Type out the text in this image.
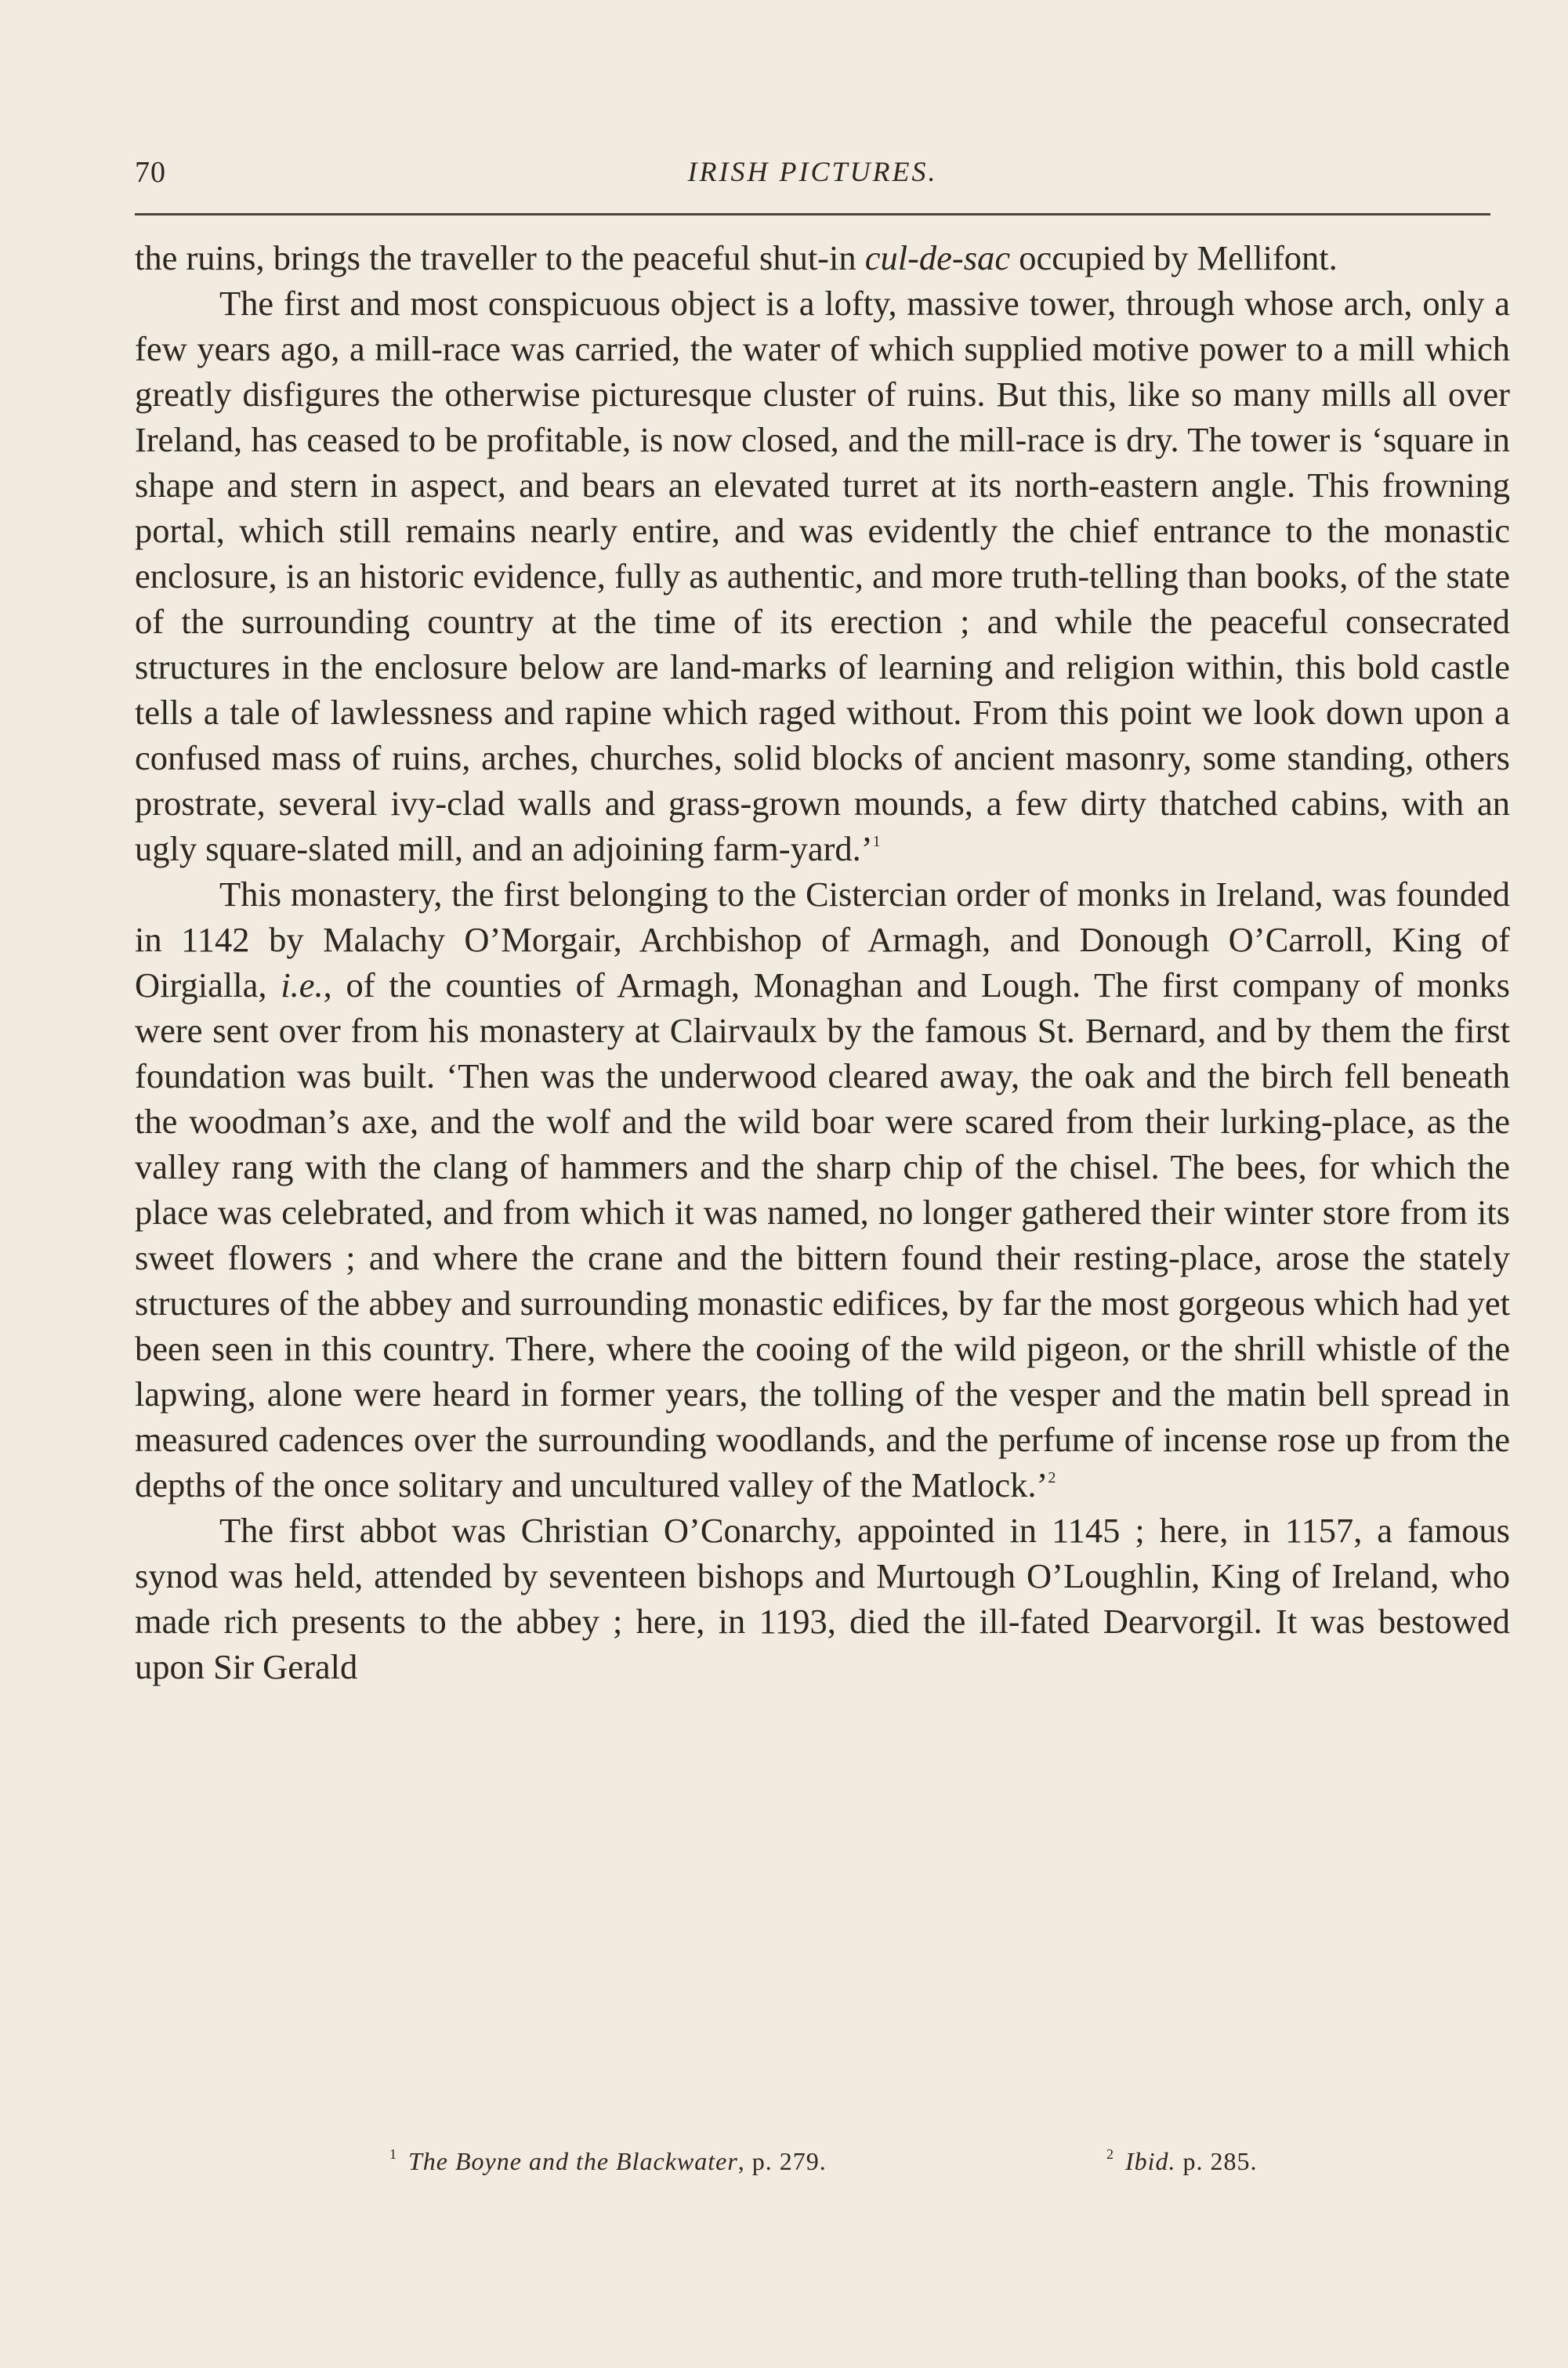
70	IRISH PICTURES.

the ruins, brings the traveller to the peaceful shut-in cul-de-sac occupied by Mellifont.

The first and most conspicuous object is a lofty, massive tower, through whose arch, only a few years ago, a mill-race was carried, the water of which supplied motive power to a mill which greatly disfigures the otherwise picturesque cluster of ruins. But this, like so many mills all over Ireland, has ceased to be profitable, is now closed, and the mill-race is dry. The tower is ‘square in shape and stern in aspect, and bears an elevated turret at its north-eastern angle. This frowning portal, which still remains nearly entire, and was evidently the chief entrance to the monastic enclosure, is an historic evidence, fully as authentic, and more truth-telling than books, of the state of the surrounding country at the time of its erection ; and while the peaceful consecrated structures in the enclosure below are land-marks of learning and religion within, this bold castle tells a tale of lawlessness and rapine which raged without. From this point we look down upon a confused mass of ruins, arches, churches, solid blocks of ancient masonry, some standing, others prostrate, several ivy-clad walls and grass-grown mounds, a few dirty thatched cabins, with an ugly square-slated mill, and an adjoining farm-yard.’$^1$

This monastery, the first belonging to the Cistercian order of monks in Ireland, was founded in 1142 by Malachy O’Morgair, Archbishop of Armagh, and Donough O’Carroll, King of Oirgialla, i.e., of the counties of Armagh, Monaghan and Lough. The first company of monks were sent over from his monastery at Clairvaulx by the famous St. Bernard, and by them the first foundation was built. ‘Then was the underwood cleared away, the oak and the birch fell beneath the woodman’s axe, and the wolf and the wild boar were scared from their lurking-place, as the valley rang with the clang of hammers and the sharp chip of the chisel. The bees, for which the place was celebrated, and from which it was named, no longer gathered their winter store from its sweet flowers ; and where the crane and the bittern found their resting-place, arose the stately structures of the abbey and surrounding monastic edifices, by far the most gorgeous which had yet been seen in this country. There, where the cooing of the wild pigeon, or the shrill whistle of the lapwing, alone were heard in former years, the tolling of the vesper and the matin bell spread in measured cadences over the surrounding woodlands, and the perfume of incense rose up from the depths of the once solitary and uncultured valley of the Matlock.’$^2$

The first abbot was Christian O’Conarchy, appointed in 1145 ; here, in 1157, a famous synod was held, attended by seventeen bishops and Murtough O’Loughlin, King of Ireland, who made rich presents to the abbey ; here, in 1193, died the ill-fated Dearvorgil. It was bestowed upon Sir Gerald

$^1$ The Boyne and the Blackwater, p. 279.	$^2$ Ibid. p. 285.
